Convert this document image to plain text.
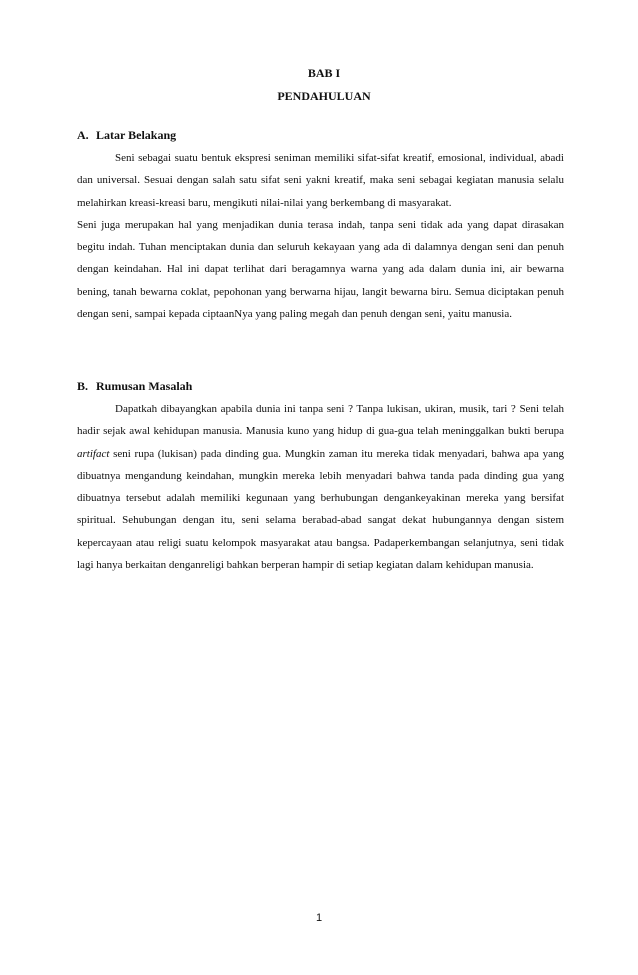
BAB I
PENDAHULUAN
A. Latar Belakang

Seni sebagai suatu bentuk ekspresi seniman memiliki sifat-sifat kreatif, emosional, individual, abadi dan universal. Sesuai dengan salah satu sifat seni yakni kreatif, maka seni sebagai kegiatan manusia selalu melahirkan kreasi-kreasi baru, mengikuti nilai-nilai yang berkembang di masyarakat.

Seni juga merupakan hal yang menjadikan dunia terasa indah, tanpa seni tidak ada yang dapat dirasakan begitu indah. Tuhan menciptakan dunia dan seluruh kekayaan yang ada di dalamnya dengan seni dan penuh dengan keindahan. Hal ini dapat terlihat dari beragamnya warna yang ada dalam dunia ini, air bewarna bening, tanah bewarna coklat, pepohonan yang berwarna hijau, langit bewarna biru. Semua diciptakan penuh dengan seni, sampai kepada ciptaanNya yang paling megah dan penuh dengan seni, yaitu manusia.

B. Rumusan Masalah

Dapatkah dibayangkan apabila dunia ini tanpa seni ? Tanpa lukisan, ukiran, musik, tari ? Seni telah hadir sejak awal kehidupan manusia. Manusia kuno yang hidup di gua-gua telah meninggalkan bukti berupa artifact seni rupa (lukisan) pada dinding gua. Mungkin zaman itu mereka tidak menyadari, bahwa apa yang dibuatnya mengandung keindahan, mungkin mereka lebih menyadari bahwa tanda pada dinding gua yang dibuatnya tersebut adalah memiliki kegunaan yang berhubungan dengankeyakinan mereka yang bersifat spiritual. Sehubungan dengan itu, seni selama berabad-abad sangat dekat hubungannya dengan sistem kepercayaan atau religi suatu kelompok masyarakat atau bangsa. Padaperkembangan selanjutnya, seni tidak lagi hanya berkaitan denganreligi bahkan berperan hampir di setiap kegiatan dalam kehidupan manusia.

1
